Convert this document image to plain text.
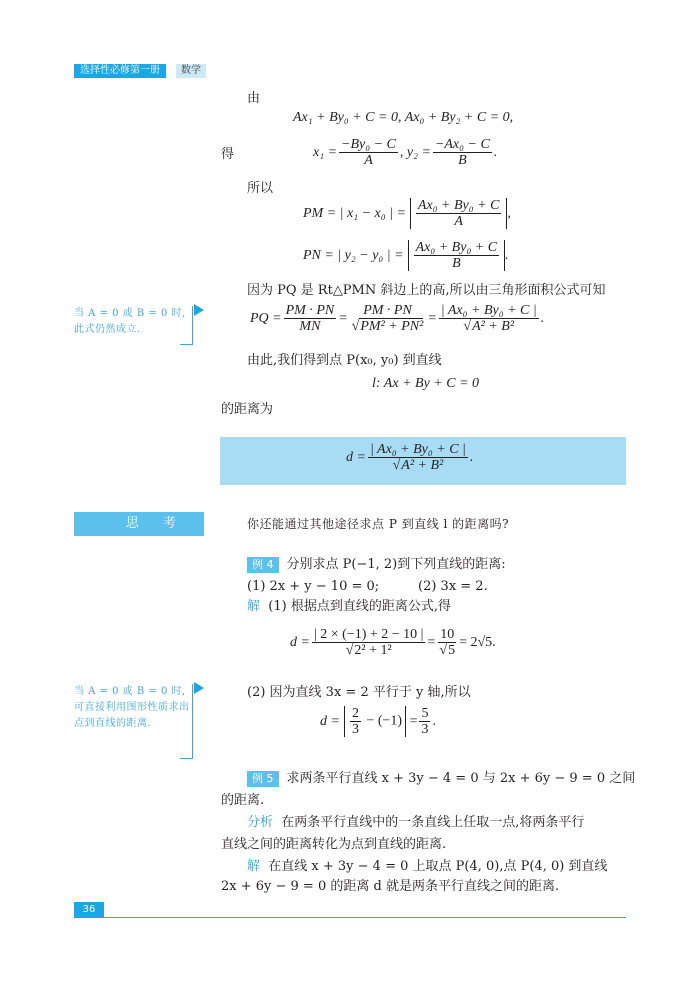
选择性必修第一册	数学
由
Ax₁ + By₀ + C = 0, Ax₀ + By₂ + C = 0,
得	$x_1 = \frac{\text{−By₀ − C}}{A}$ , $y_2 = \frac{\text{−Ax₀ − C}}{B}$ .
所以
PM = | x₁ − x₀ | = $\frac{\text{Ax₀ + By₀ + C}}{A}$ ,
PN = | y₂ − y₀ | = $\frac{\text{Ax₀ + By₀ + C}}{B}$ .
因为 PQ 是 Rt△PMN 斜边上的高,所以由三角形面积公式可知
当 A = 0 或 B = 0 时,此式仍然成立.
PQ = $\frac{PM \cdot PN}{MN} = \frac{PM \cdot PN}{\text{√PM² + PN²}} = \frac{\text{| Ax₀ + By₀ + C |}}{\text{√A² + B²}}$ .
由此,我们得到点 P(x₀, y₀) 到直线
l: Ax + By + C = 0
的距离为
$d = \frac{\text{| Ax₀ + By₀ + C |}}{\text{√A² + B²}}$ .
思 考	你还能通过其他途径求点 P 到直线 l 的距离吗?
例 4 分别求点 P(−1, 2)到下列直线的距离:
(1) 2x + y − 10 = 0;	(2) 3x = 2.
解 (1) 根据点到直线的距离公式,得
$d = \frac{| 2 \times (-1) + 2 - 10 |}{\text{√2² + 1²}} = \frac{10}{√5} = 2√5$.
当 A = 0 或 B = 0 时,可直接利用图形性质求出点到直线的距离.
(2) 因为直线 3x = 2 平行于 y 轴,所以
$d = \frac{2}{3} - (-1) = \frac{5}{3}$ .
例 5 求两条平行直线 x + 3y − 4 = 0 与 2x + 6y − 9 = 0 之间
的距离.
分析 在两条平行直线中的一条直线上任取一点,将两条平行
直线之间的距离转化为点到直线的距离.
解 在直线 x + 3y − 4 = 0 上取点 P(4, 0),点 P(4, 0) 到直线
2x + 6y − 9 = 0 的距离 d 就是两条平行直线之间的距离.
36
